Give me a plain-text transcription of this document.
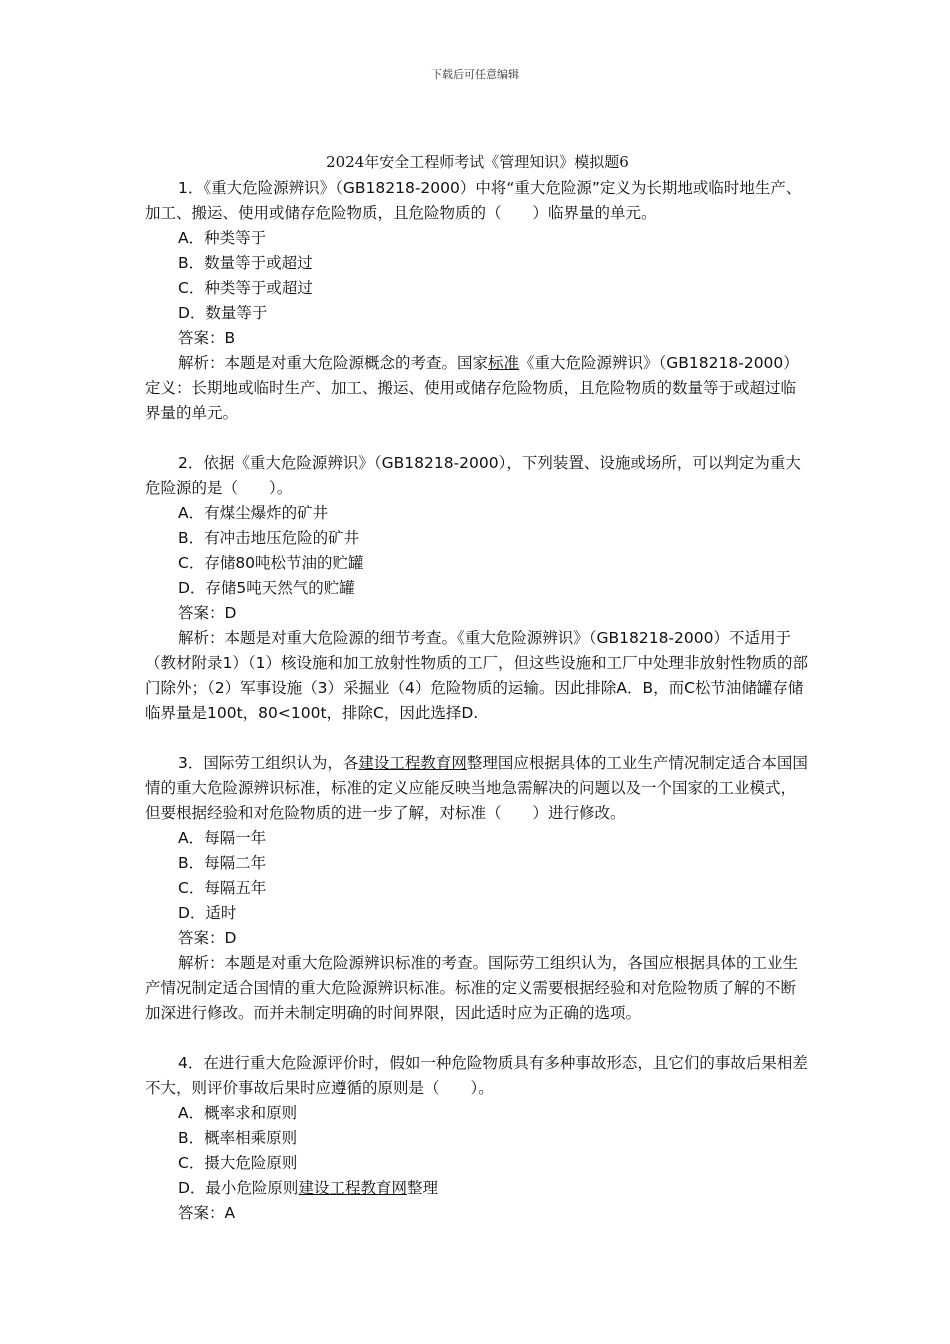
下载后可任意编辑
2024年安全工程师考试《管理知识》模拟题6

1．《重大危险源辨识》（GB18218-2000）中将“重大危险源”定义为长期地或临时地生产、加工、搬运、使用或储存危险物质，且危险物质的（　　）临界量的单元。

A．种类等于

B．数量等于或超过

C．种类等于或超过

D．数量等于

答案：B

解析：本题是对重大危险源概念的考查。国家标准《重大危险源辨识》（GB18218-2000）定义：长期地或临时生产、加工、搬运、使用或储存危险物质，且危险物质的数量等于或超过临界量的单元。

2．依据《重大危险源辨识》（GB18218-2000），下列装置、设施或场所，可以判定为重大危险源的是（　　）。

A．有煤尘爆炸的矿井

B．有冲击地压危险的矿井

C．存储80吨松节油的贮罐

D．存储5吨天然气的贮罐

答案：D

解析：本题是对重大危险源的细节考查。《重大危险源辨识》（GB18218-2000）不适用于（教材附录1）（1）核设施和加工放射性物质的工厂，但这些设施和工厂中处理非放射性物质的部门除外；（2）军事设施（3）采掘业（4）危险物质的运输。因此排除A．B，而C松节油储罐存储临界量是100t，80<100t，排除C，因此选择D.

3．国际劳工组织认为，各建设工程教育网整理国应根据具体的工业生产情况制定适合本国国情的重大危险源辨识标准，标准的定义应能反映当地急需解决的问题以及一个国家的工业模式，但要根据经验和对危险物质的进一步了解，对标准（　　）进行修改。

A．每隔一年

B．每隔二年

C．每隔五年

D．适时

答案：D

解析：本题是对重大危险源辨识标准的考查。国际劳工组织认为，各国应根据具体的工业生产情况制定适合国情的重大危险源辨识标准。标准的定义需要根据经验和对危险物质了解的不断加深进行修改。而并未制定明确的时间界限，因此适时应为正确的选项。

4．在进行重大危险源评价时，假如一种危险物质具有多种事故形态，且它们的事故后果相差不大，则评价事故后果时应遵循的原则是（　　）。

A．概率求和原则

B．概率相乘原则

C．摄大危险原则

D．最小危险原则建设工程教育网整理

答案：A
